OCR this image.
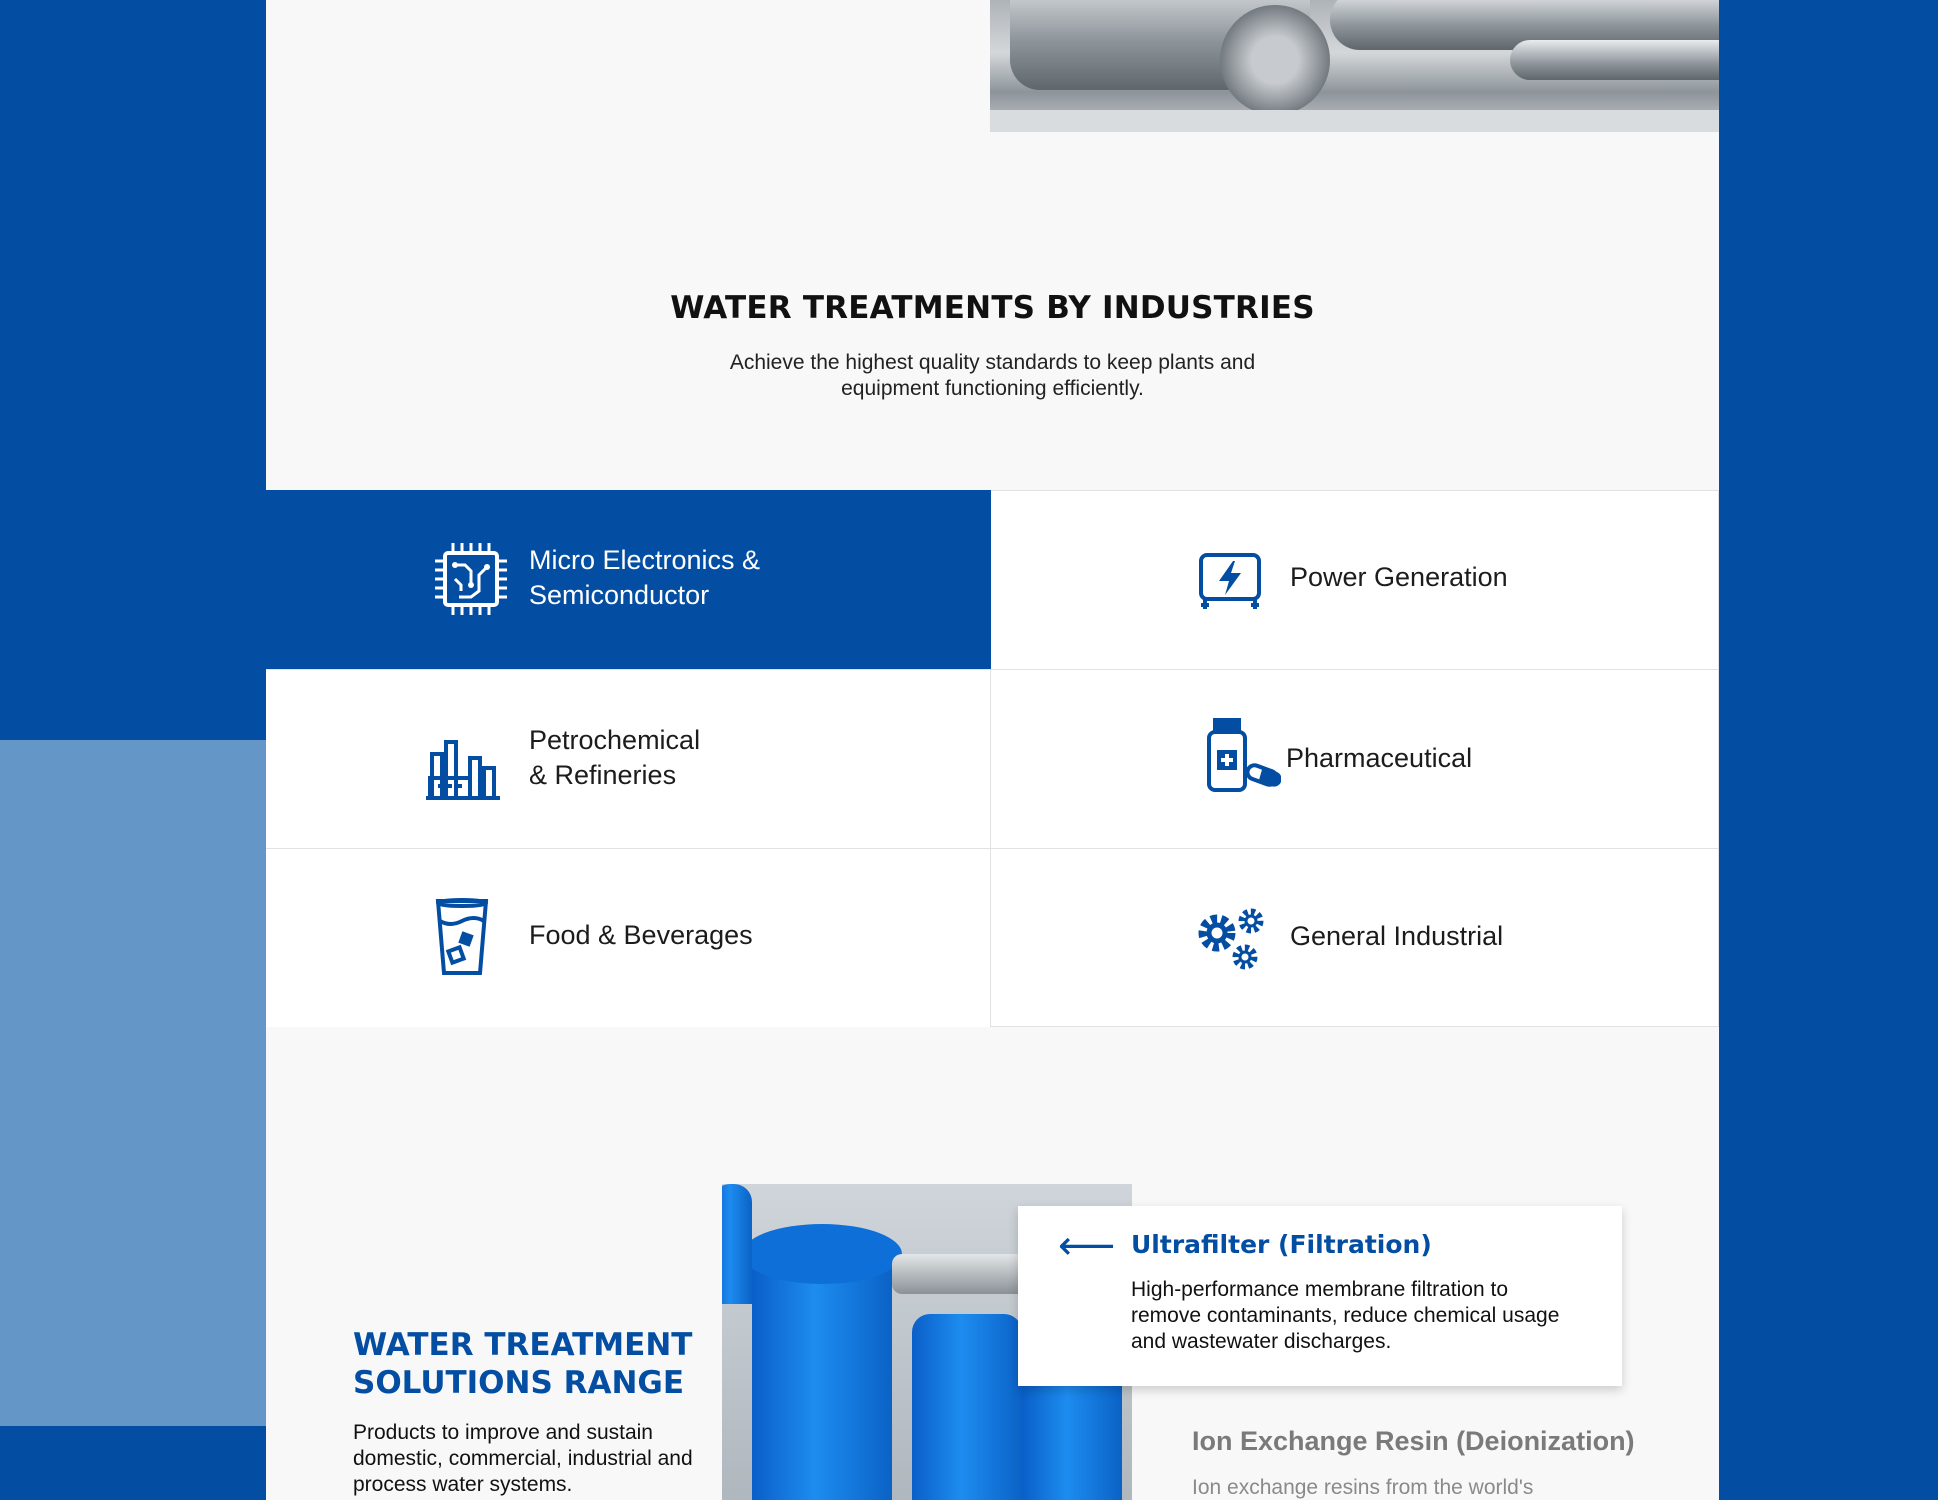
WATER TREATMENTS BY INDUSTRIES

Achieve the highest quality standards to keep plants and equipment functioning efficiently.

Micro Electronics &
Semiconductor
Power Generation
Petrochemical
& Refineries
Pharmaceutical
Food & Beverages	General Industrial
WATER TREATMENT SOLUTIONS RANGE

Products to improve and sustain domestic, commercial, industrial and process water systems.

⟵ Ultrafilter (Filtration)

High-performance membrane filtration to remove contaminants, reduce chemical usage and wastewater discharges.

Ion Exchange Resin (Deionization)

Ion exchange resins from the world's
